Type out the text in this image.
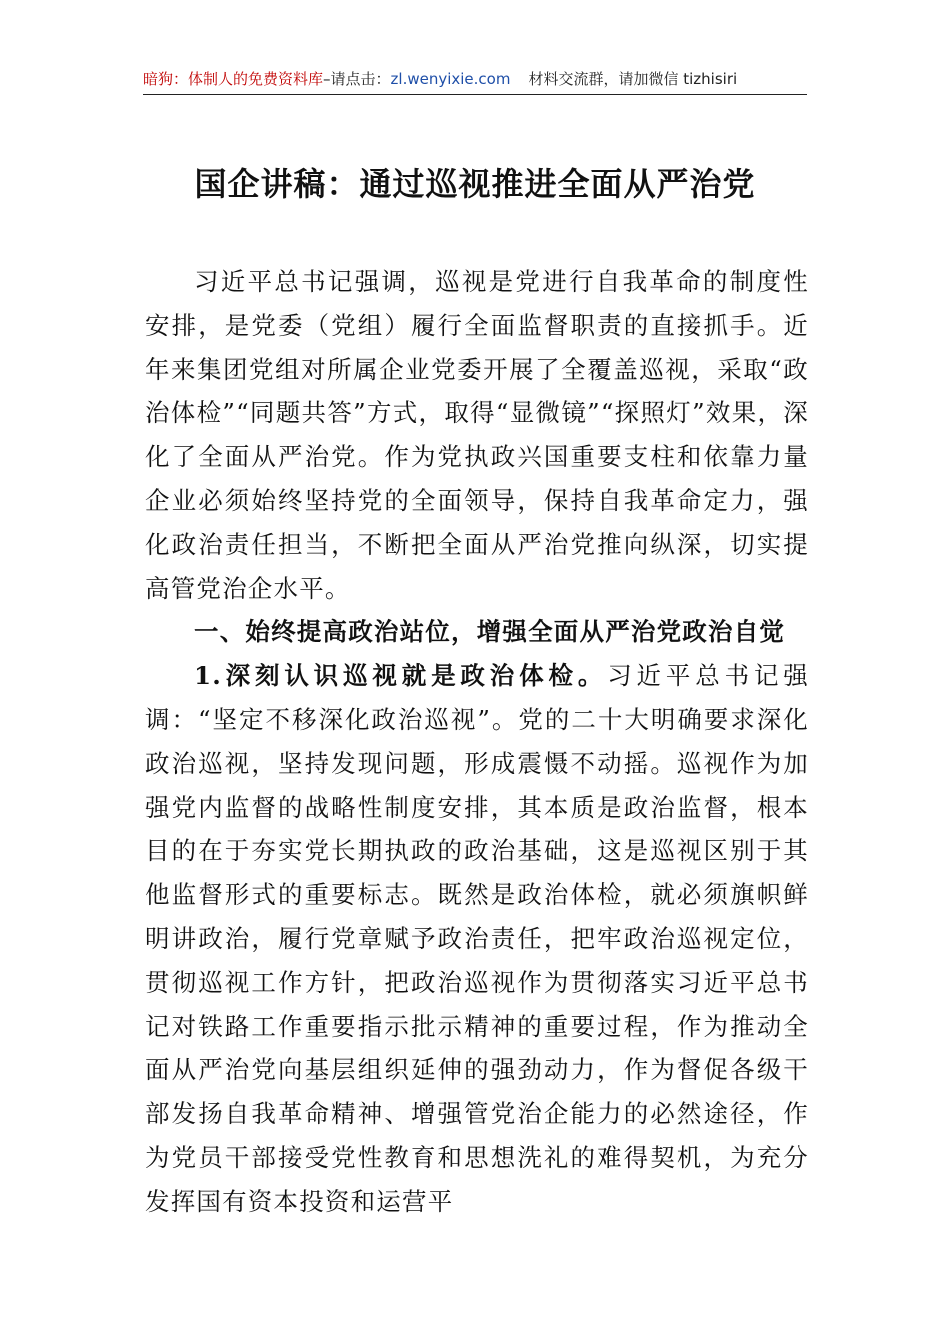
暗狗：体制人的免费资料库–请点击：zl.wenyixie.com 材料交流群，请加微信 tizhisiri
国企讲稿：通过巡视推进全面从严治党

习近平总书记强调，巡视是党进行自我革命的制度性安排，是党委（党组）履行全面监督职责的直接抓手。近年来集团党组对所属企业党委开展了全覆盖巡视，采取“政治体检”“同题共答”方式，取得“显微镜”“探照灯”效果，深化了全面从严治党。作为党执政兴国重要支柱和依靠力量企业必须始终坚持党的全面领导，保持自我革命定力，强化政治责任担当，不断把全面从严治党推向纵深，切实提高管党治企水平。

一、始终提高政治站位，增强全面从严治党政治自觉

1.深刻认识巡视就是政治体检。习近平总书记强调：“坚定不移深化政治巡视”。党的二十大明确要求深化政治巡视，坚持发现问题，形成震慑不动摇。巡视作为加强党内监督的战略性制度安排，其本质是政治监督，根本目的在于夯实党长期执政的政治基础，这是巡视区别于其他监督形式的重要标志。既然是政治体检，就必须旗帜鲜明讲政治，履行党章赋予政治责任，把牢政治巡视定位，贯彻巡视工作方针，把政治巡视作为贯彻落实习近平总书记对铁路工作重要指示批示精神的重要过程，作为推动全面从严治党向基层组织延伸的强劲动力，作为督促各级干部发扬自我革命精神、增强管党治企能力的必然途径，作为党员干部接受党性教育和思想洗礼的难得契机，为充分发挥国有资本投资和运营平
